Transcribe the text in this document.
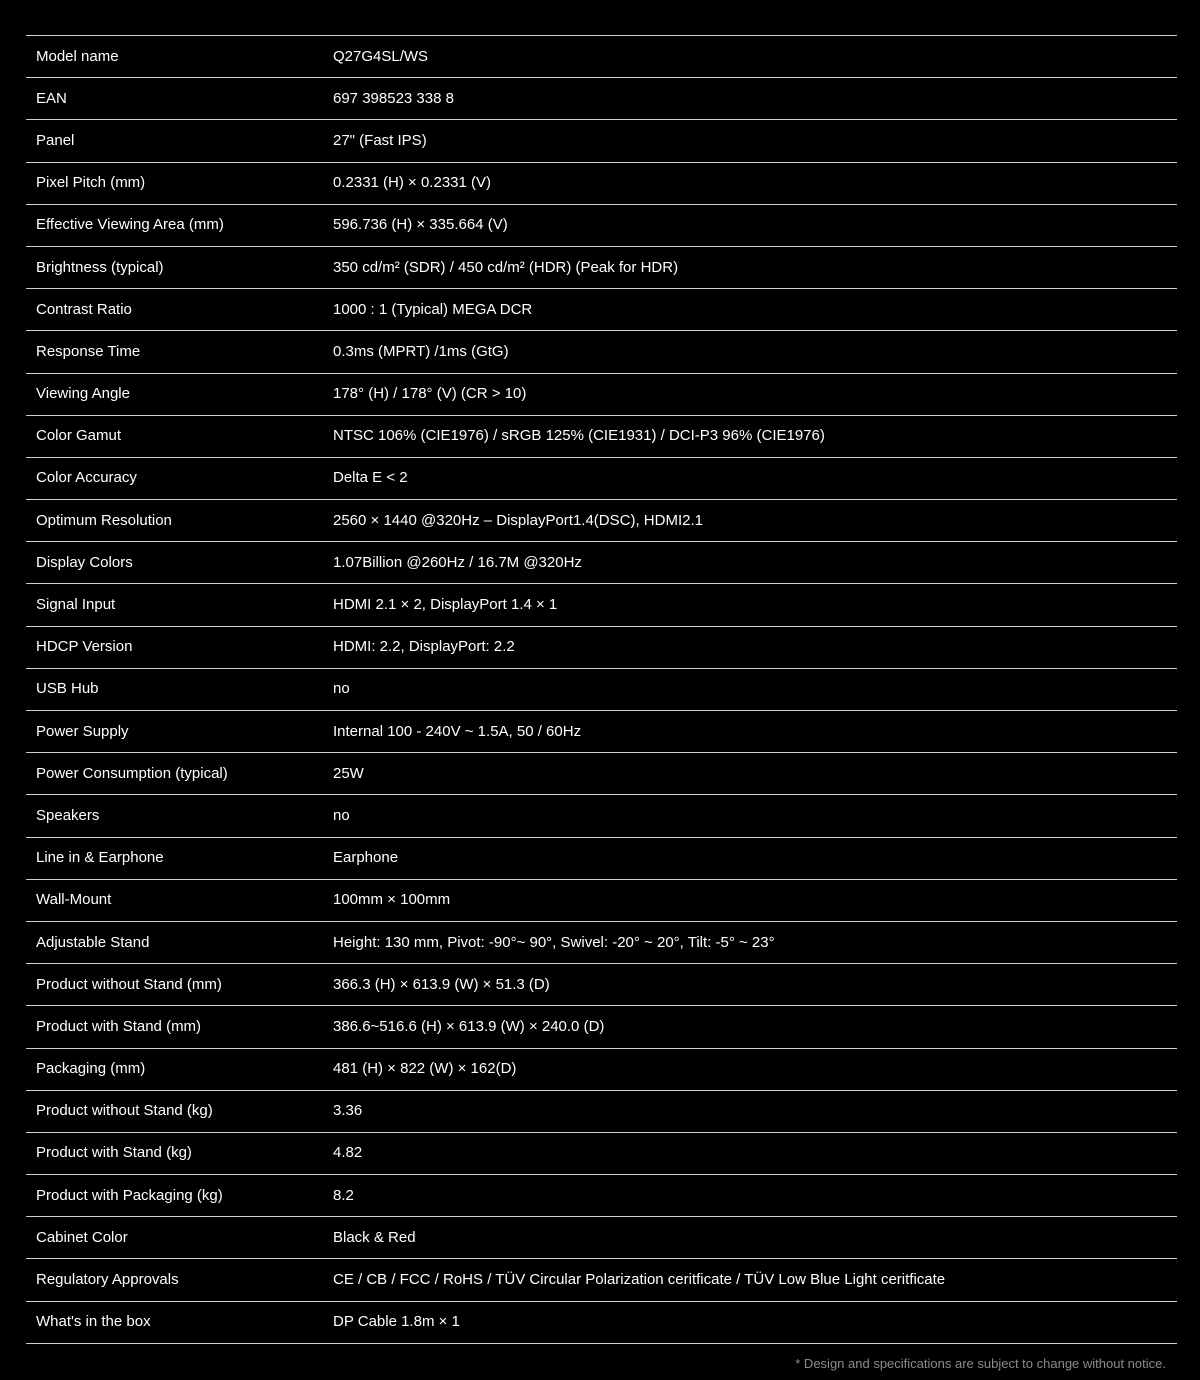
Model name	Q27G4SL/WS
EAN	697 398523 338 8
Panel	27" (Fast IPS)
Pixel Pitch (mm)	0.2331 (H) × 0.2331 (V)
Effective Viewing Area (mm)	596.736 (H) × 335.664 (V)
Brightness (typical)	350 cd/m² (SDR) / 450 cd/m² (HDR) (Peak for HDR)
Contrast Ratio	1000 : 1 (Typical) MEGA DCR
Response Time	0.3ms (MPRT) /1ms (GtG)
Viewing Angle	178° (H) / 178° (V) (CR > 10)
Color Gamut	NTSC 106% (CIE1976) / sRGB 125% (CIE1931) / DCI-P3 96% (CIE1976)
Color Accuracy	Delta E < 2
Optimum Resolution	2560 × 1440 @320Hz – DisplayPort1.4(DSC), HDMI2.1
Display Colors	1.07Billion @260Hz / 16.7M @320Hz
Signal Input	HDMI 2.1 × 2, DisplayPort 1.4 × 1
HDCP Version	HDMI: 2.2, DisplayPort: 2.2
USB Hub	no
Power Supply	Internal 100 - 240V ~ 1.5A, 50 / 60Hz
Power Consumption (typical)	25W
Speakers	no
Line in & Earphone	Earphone
Wall-Mount	100mm × 100mm
Adjustable Stand	Height: 130 mm, Pivot: -90°~ 90°, Swivel: -20° ~ 20°, Tilt: -5° ~ 23°
Product without Stand (mm)	366.3 (H) × 613.9 (W) × 51.3 (D)
Product with Stand (mm)	386.6~516.6 (H) × 613.9 (W) × 240.0 (D)
Packaging (mm)	481 (H) × 822 (W) × 162(D)
Product without Stand (kg)	3.36
Product with Stand (kg)	4.82
Product with Packaging (kg)	8.2
Cabinet Color	Black & Red
Regulatory Approvals	CE / CB / FCC / RoHS / TÜV Circular Polarization ceritficate / TÜV Low Blue Light ceritficate
What's in the box	DP Cable 1.8m × 1
* Design and specifications are subject to change without notice.
